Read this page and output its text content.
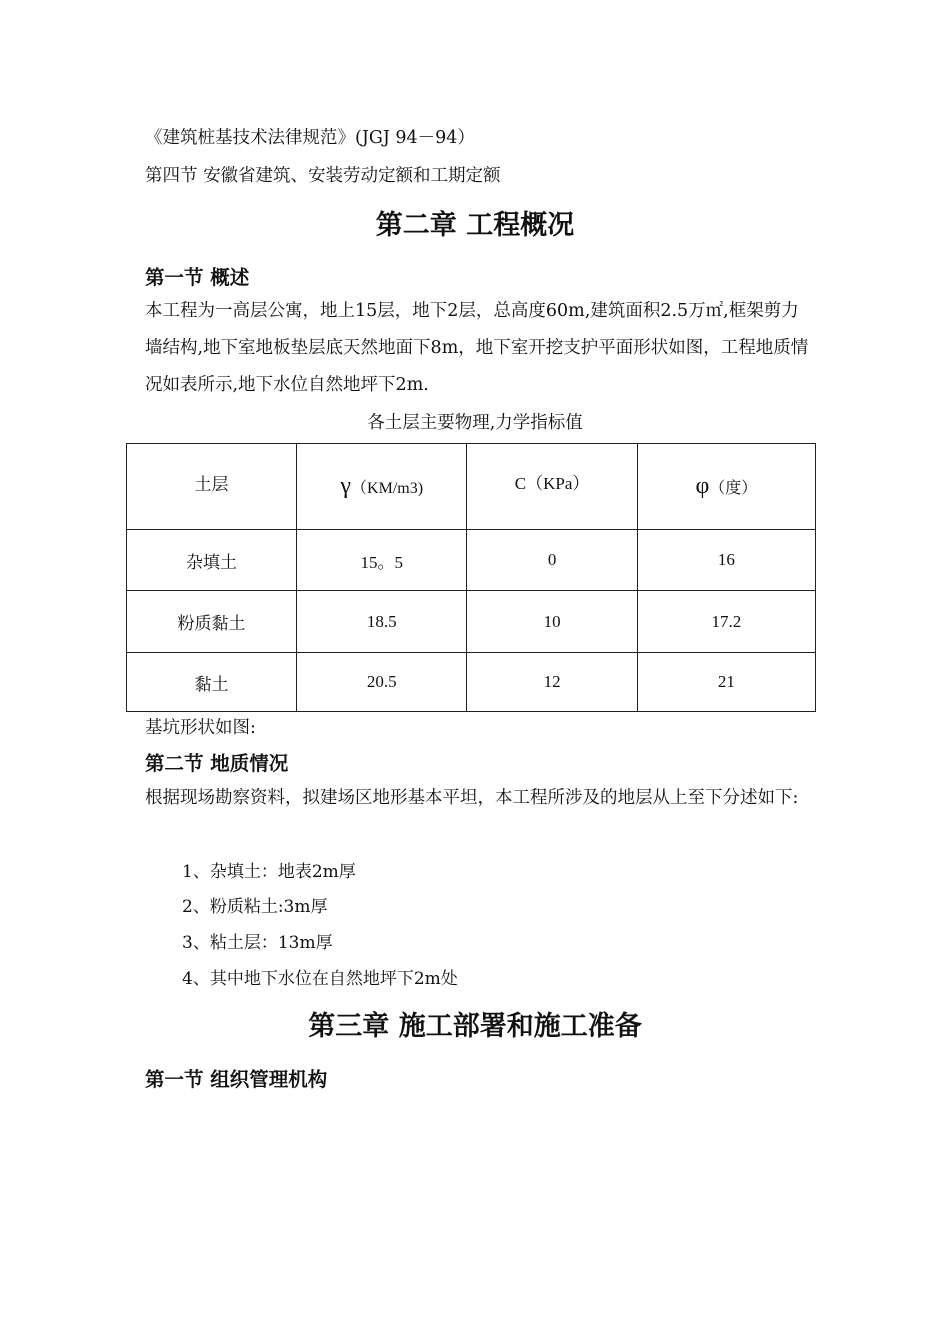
《建筑桩基技术法律规范》(JGJ 94－94）
第四节 安徽省建筑、安装劳动定额和工期定额
第二章 工程概况
第一节 概述
本工程为一高层公寓，地上15层，地下2层，总高度60m,建筑面积2.5万㎡,框架剪力墙结构,地下室地板垫层底天然地面下8m，地下室开挖支护平面形状如图，工程地质情况如表所示,地下水位自然地坪下2m.
各土层主要物理,力学指标值
土层	γ（KM/m3)	C（KPa）	φ（度）
杂填土	15。5	0	16
粉质黏土	18.5	10	17.2
黏土	20.5	12	21
基坑形状如图:
第二节 地质情况
根据现场勘察资料，拟建场区地形基本平坦，本工程所涉及的地层从上至下分述如下:
1、杂填土：地表2m厚
2、粉质粘土:3m厚
3、粘土层：13m厚
4、其中地下水位在自然地坪下2m处
第三章 施工部署和施工准备
第一节 组织管理机构
